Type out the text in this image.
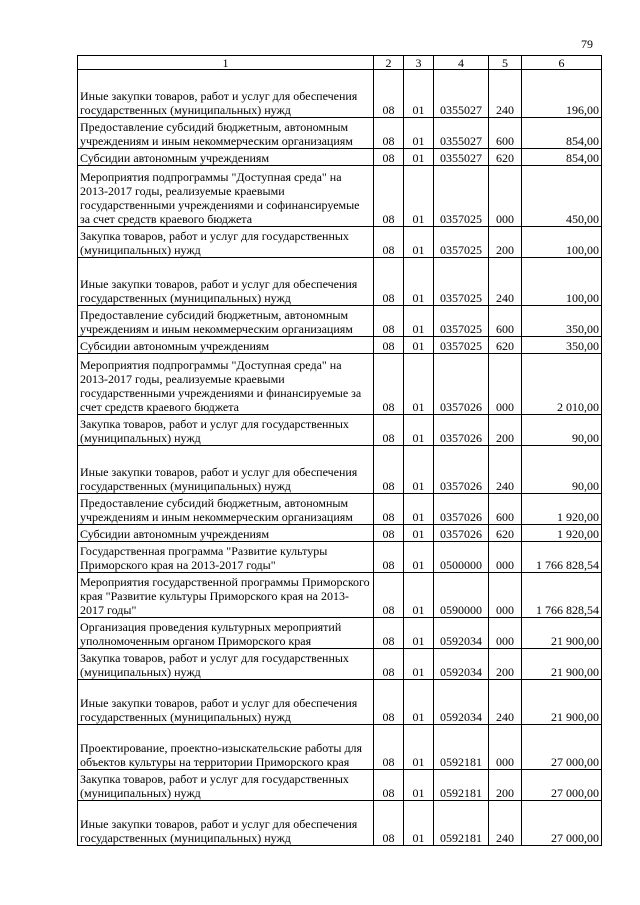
79
1	2	3	4	5	6
Иные закупки товаров, работ и услуг для обеспечения государственных (муниципальных) нужд	08	01	0355027	240	196,00
Предоставление субсидий бюджетным, автономным учреждениям и иным некоммерческим организациям	08	01	0355027	600	854,00
Субсидии автономным учреждениям	08	01	0355027	620	854,00
Мероприятия подпрограммы "Доступная среда" на 2013-2017 годы, реализуемые краевыми государственными учреждениями и софинансируемые за счет средств краевого бюджета	08	01	0357025	000	450,00
Закупка товаров, работ и услуг для государственных (муниципальных) нужд	08	01	0357025	200	100,00
Иные закупки товаров, работ и услуг для обеспечения государственных (муниципальных) нужд	08	01	0357025	240	100,00
Предоставление субсидий бюджетным, автономным учреждениям и иным некоммерческим организациям	08	01	0357025	600	350,00
Субсидии автономным учреждениям	08	01	0357025	620	350,00
Мероприятия подпрограммы "Доступная среда" на 2013-2017 годы, реализуемые краевыми государственными учреждениями и финансируемые за счет средств краевого бюджета	08	01	0357026	000	2 010,00
Закупка товаров, работ и услуг для государственных (муниципальных) нужд	08	01	0357026	200	90,00
Иные закупки товаров, работ и услуг для обеспечения государственных (муниципальных) нужд	08	01	0357026	240	90,00
Предоставление субсидий бюджетным, автономным учреждениям и иным некоммерческим организациям	08	01	0357026	600	1 920,00
Субсидии автономным учреждениям	08	01	0357026	620	1 920,00
Государственная программа "Развитие культуры Приморского края на 2013-2017 годы"	08	01	0500000	000	1 766 828,54
Мероприятия государственной программы Приморского края "Развитие культуры Приморского края на 2013-2017 годы"	08	01	0590000	000	1 766 828,54
Организация проведения культурных мероприятий уполномоченным органом Приморского края	08	01	0592034	000	21 900,00
Закупка товаров, работ и услуг для государственных (муниципальных) нужд	08	01	0592034	200	21 900,00
Иные закупки товаров, работ и услуг для обеспечения государственных (муниципальных) нужд	08	01	0592034	240	21 900,00
Проектирование, проектно-изыскательские работы для объектов культуры на территории Приморского края	08	01	0592181	000	27 000,00
Закупка товаров, работ и услуг для государственных (муниципальных) нужд	08	01	0592181	200	27 000,00
Иные закупки товаров, работ и услуг для обеспечения государственных (муниципальных) нужд	08	01	0592181	240	27 000,00
